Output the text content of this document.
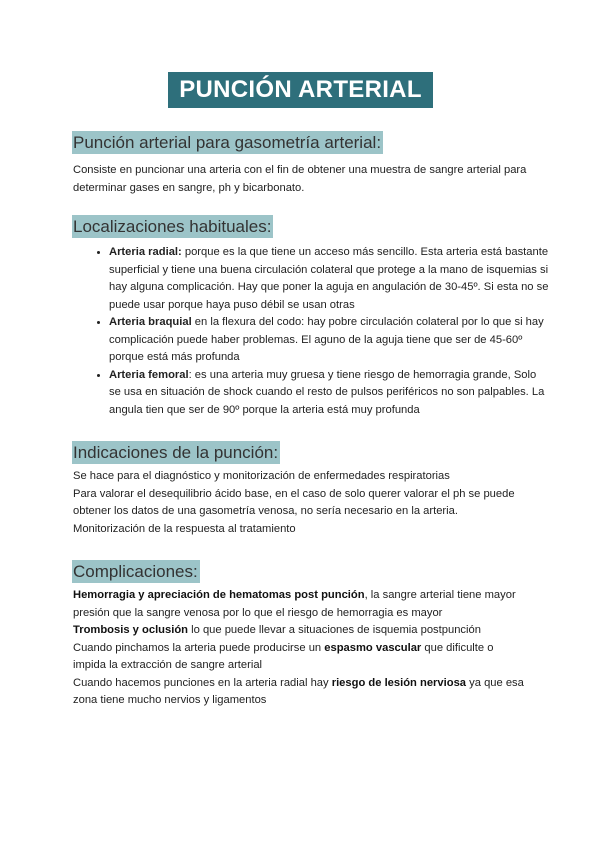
PUNCIÓN ARTERIAL
Punción arterial para gasometría arterial:

Consiste en puncionar una arteria con el fin de obtener una muestra de sangre arterial para
determinar gases en sangre, ph y bicarbonato.

Localizaciones habituales:
• Arteria radial: porque es la que tiene un acceso más sencillo. Esta arteria está bastante superficial y tiene una buena circulación colateral que protege a la mano de isquemias si hay alguna complicación. Hay que poner la aguja en angulación de 30-45º. Si esta no se puede usar porque haya puso débil se usan otras
• Arteria braquial en la flexura del codo: hay pobre circulación colateral por lo que si hay complicación puede haber problemas. El aguno de la aguja tiene que ser de 45-60º porque está más profunda
• Arteria femoral: es una arteria muy gruesa y tiene riesgo de hemorragia grande, Solo se usa en situación de shock cuando el resto de pulsos periféricos no son palpables. La angula tien que ser de 90º porque la arteria está muy profunda
Indicaciones de la punción:

Se hace para el diagnóstico y monitorización de enfermedades respiratorias
Para valorar el desequilibrio ácido base, en el caso de solo querer valorar el ph se puede
obtener los datos de una gasometría venosa, no sería necesario en la arteria.
Monitorización de la respuesta al tratamiento

Complicaciones:
Hemorragia y apreciación de hematomas post punción, la sangre arterial tiene mayor presión que la sangre venosa por lo que el riesgo de hemorragia es mayor
Trombosis y oclusión lo que puede llevar a situaciones de isquemia postpunción
Cuando pinchamos la arteria puede producirse un espasmo vascular que dificulte o impida la extracción de sangre arterial
Cuando hacemos punciones en la arteria radial hay riesgo de lesión nerviosa ya que esa zona tiene mucho nervios y ligamentos
